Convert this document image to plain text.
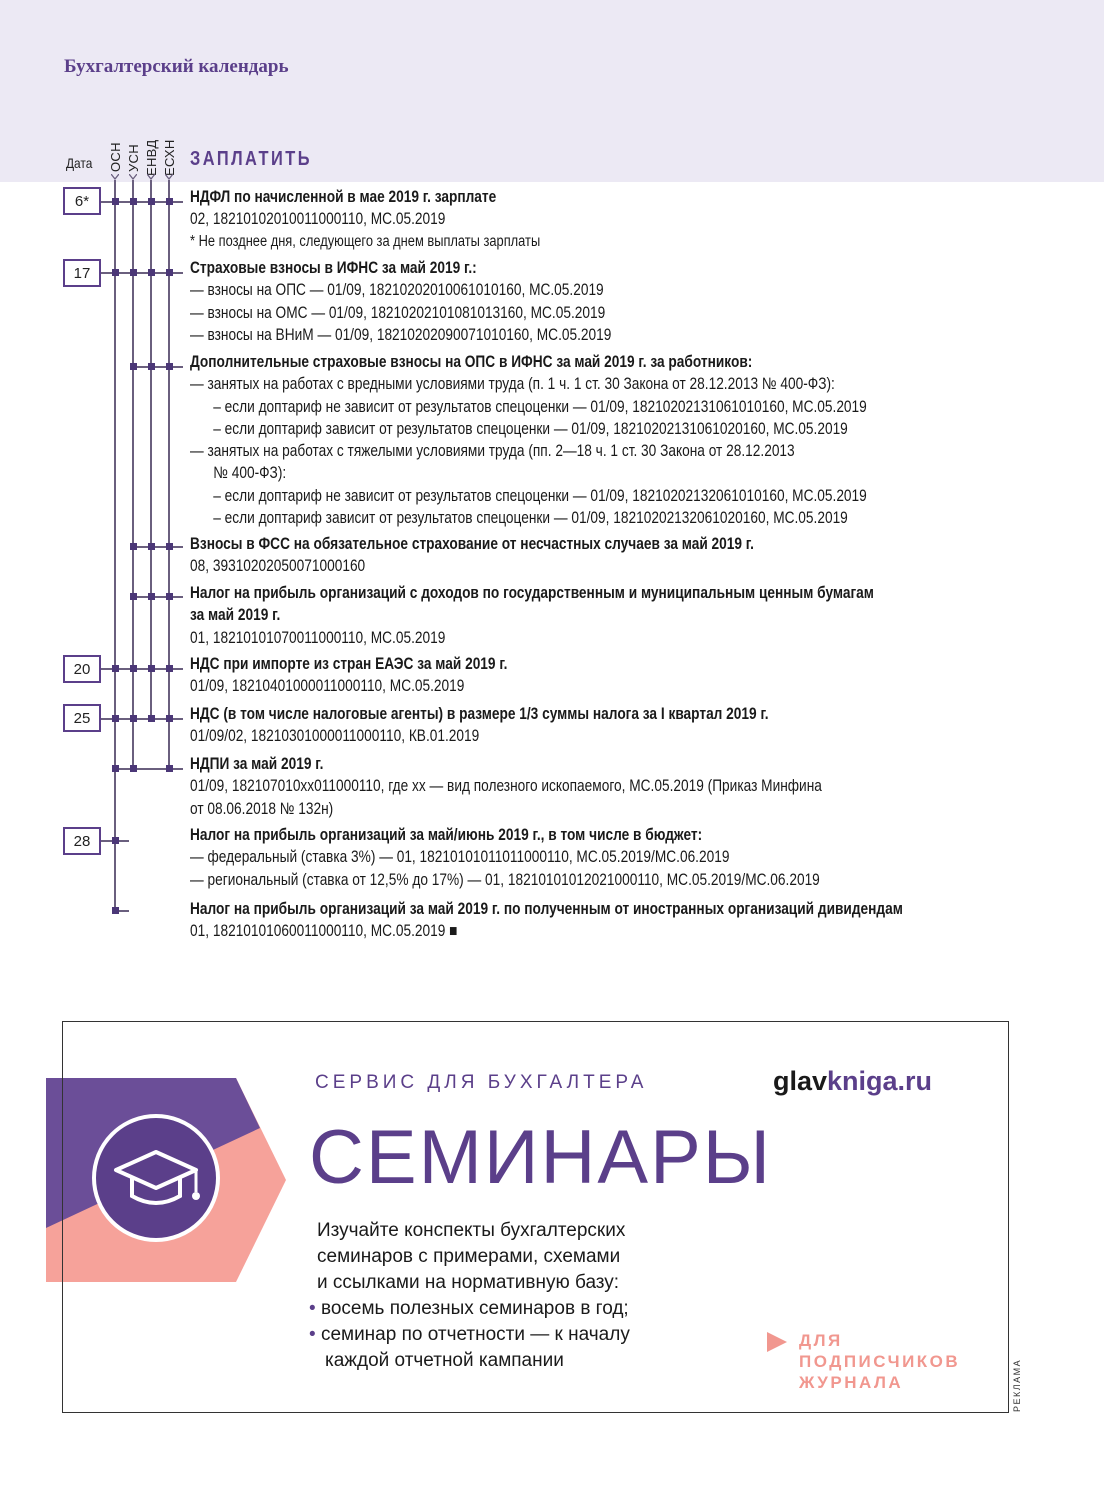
Бухгалтерский календарь
Дата ОСН УСН ЕНВД ЕСХН ЗАПЛАТИТЬ
6*
17
20
25
28
НДФЛ по начисленной в мае 2019 г. зарплате
02, 18210102010011000110, МС.05.2019
* Не позднее дня, следующего за днем выплаты зарплаты
Страховые взносы в ИФНС за май 2019 г.:
— взносы на ОПС — 01/09, 18210202010061010160, МС.05.2019
— взносы на ОМС — 01/09, 18210202101081013160, МС.05.2019
— взносы на ВНиМ — 01/09, 18210202090071010160, МС.05.2019
Дополнительные страховые взносы на ОПС в ИФНС за май 2019 г. за работников:
— занятых на работах с вредными условиями труда (п. 1 ч. 1 ст. 30 Закона от 28.12.2013 № 400-ФЗ):
– если доптариф не зависит от результатов спецоценки — 01/09, 18210202131061010160, МС.05.2019
– если доптариф зависит от результатов спецоценки — 01/09, 18210202131061020160, МС.05.2019
— занятых на работах с тяжелыми условиями труда (пп. 2—18 ч. 1 ст. 30 Закона от 28.12.2013
№ 400-ФЗ):
– если доптариф не зависит от результатов спецоценки — 01/09, 18210202132061010160, МС.05.2019
– если доптариф зависит от результатов спецоценки — 01/09, 18210202132061020160, МС.05.2019
Взносы в ФСС на обязательное страхование от несчастных случаев за май 2019 г.
08, 39310202050071000160
Налог на прибыль организаций с доходов по государственным и муниципальным ценным бумагам
за май 2019 г.
01, 18210101070011000110, МС.05.2019
НДС при импорте из стран ЕАЭС за май 2019 г.
01/09, 18210401000011000110, МС.05.2019
НДС (в том числе налоговые агенты) в размере 1/3 суммы налога за I квартал 2019 г.
01/09/02, 18210301000011000110, КВ.01.2019
НДПИ за май 2019 г.
01/09, 182107010хх011000110, где хх — вид полезного ископаемого, МС.05.2019 (Приказ Минфина
от 08.06.2018 № 132н)
Налог на прибыль организаций за май/июнь 2019 г., в том числе в бюджет:
— федеральный (ставка 3%) — 01, 18210101011011000110, МС.05.2019/МС.06.2019
— региональный (ставка от 12,5% до 17%) — 01, 18210101012021000110, МС.05.2019/МС.06.2019
Налог на прибыль организаций за май 2019 г. по полученным от иностранных организаций дивидендам
01, 18210101060011000110, МС.05.2019 ■
СЕРВИС ДЛЯ БУХГАЛТЕРА	glavkniga.ru
СЕМИНАРЫ
Изучайте конспекты бухгалтерских
семинаров с примерами, схемами
и ссылками на нормативную базу:
• восемь полезных семинаров в год;
• семинар по отчетности — к началу
каждой отчетной кампании
ДЛЯ
ПОДПИСЧИКОВ
ЖУРНАЛА	РЕКЛАМА
